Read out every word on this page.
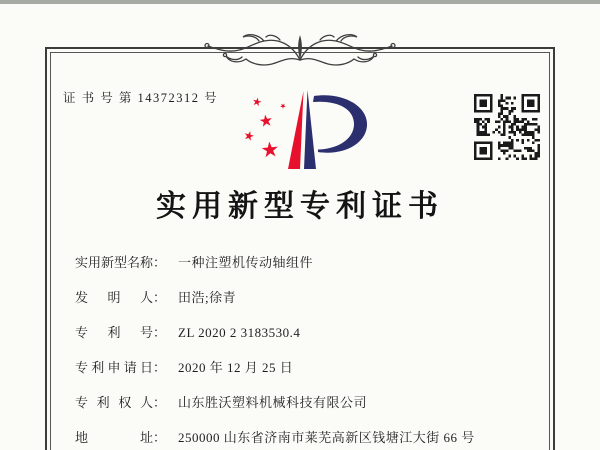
证 书 号 第 14372312 号
实用新型专利证书
实用新型名称： 一种注塑机传动轴组件
发明人： 田浩;徐青
专利号： ZL 2020 2 3183530.4
专利申请日： 2020 年 12 月 25 日
专利权人： 山东胜沃塑料机械科技有限公司
地址： 250000 山东省济南市莱芜高新区钱塘江大街 66 号
